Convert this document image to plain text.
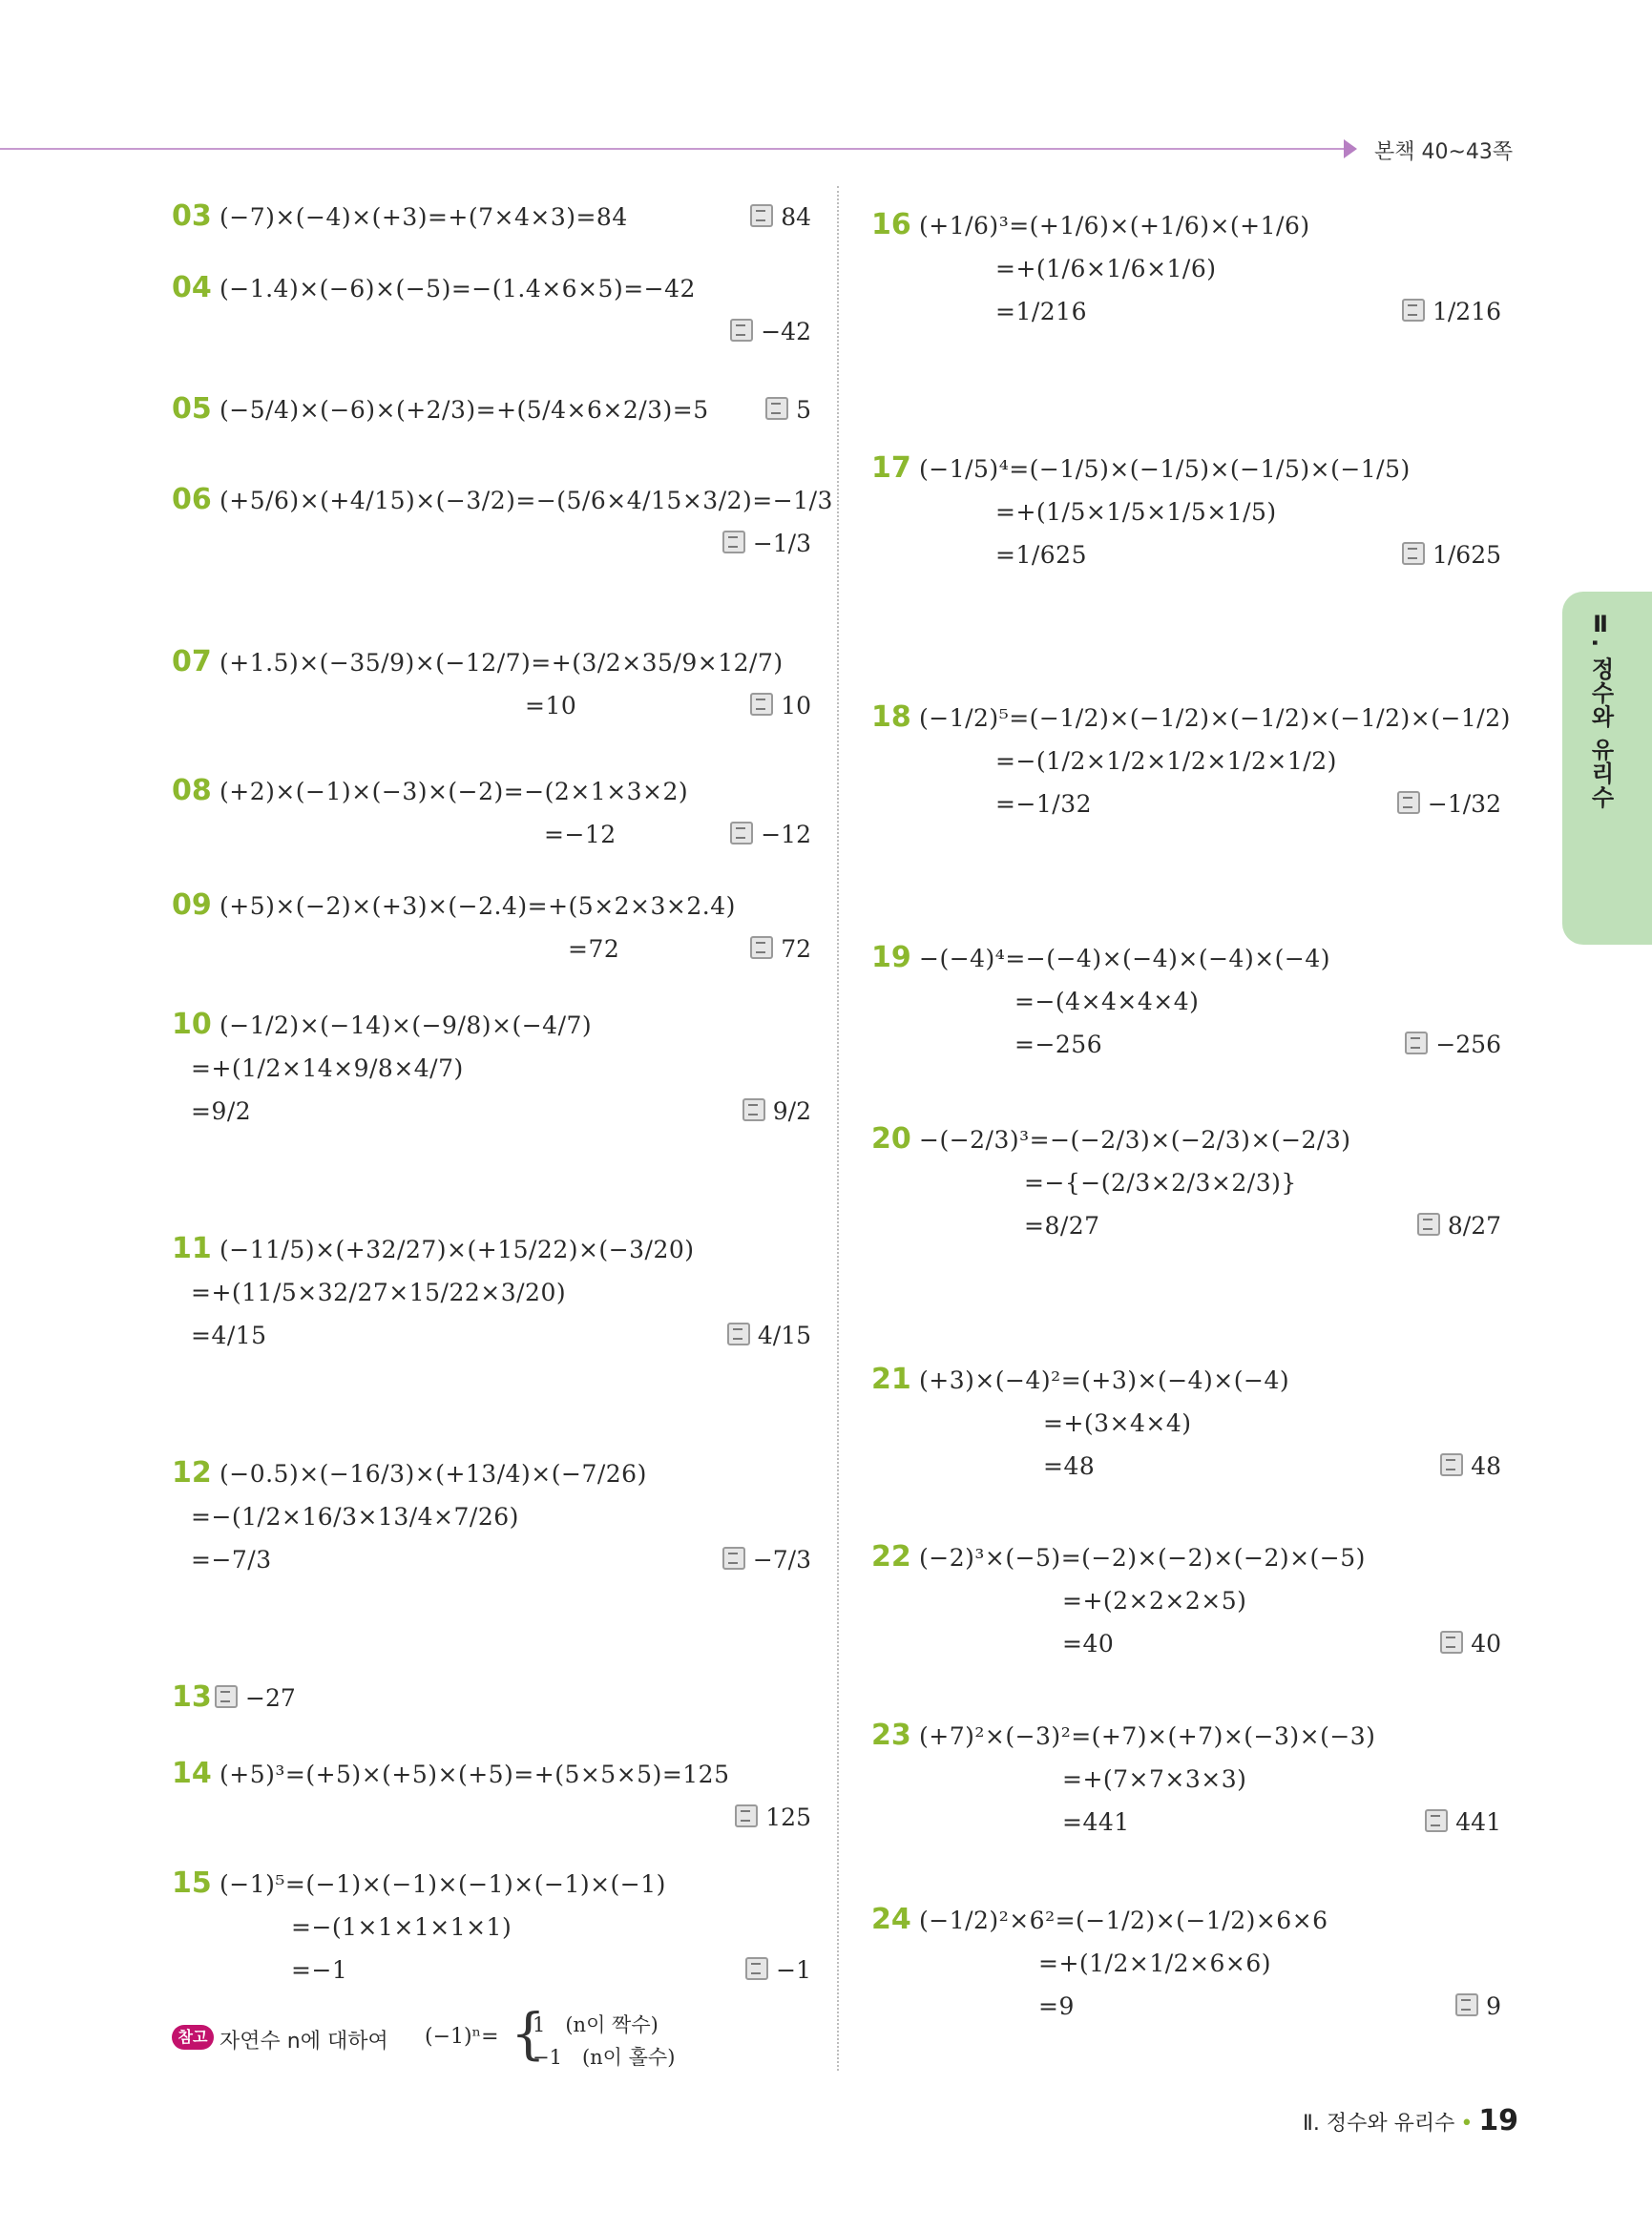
본책 40~43쪽
03 (−7)×(−4)×(+3)=+(7×4×3)=84	84
04 (−1.4)×(−6)×(−5)=−(1.4×6×5)=−42
−42
05 (−5/4)×(−6)×(+2/3)=+(5/4×6×2/3)=5	5
06 (+5/6)×(+4/15)×(−3/2)=−(5/6×4/15×3/2)=−1/3
−1/3
07 (+1.5)×(−35/9)×(−12/7)=+(3/2×35/9×12/7)
=10	10
08 (+2)×(−1)×(−3)×(−2)=−(2×1×3×2)
=−12	−12
09 (+5)×(−2)×(+3)×(−2.4)=+(5×2×3×2.4)
=72	72
10 (−1/2)×(−14)×(−9/8)×(−4/7)
=+(1/2×14×9/8×4/7)
=9/2	9/2
11 (−11/5)×(+32/27)×(+15/22)×(−3/20)
=+(11/5×32/27×15/22×3/20)
=4/15	4/15
12 (−0.5)×(−16/3)×(+13/4)×(−7/26)
=−(1/2×16/3×13/4×7/26)
=−7/3	−7/3
13	−27
14 (+5)³=(+5)×(+5)×(+5)=+(5×5×5)=125
125
15 (−1)⁵=(−1)×(−1)×(−1)×(−1)×(−1)
=−(1×1×1×1×1)
=−1	−1
16 (+1/6)³=(+1/6)×(+1/6)×(+1/6)
=+(1/6×1/6×1/6)
=1/216	1/216
17 (−1/5)⁴=(−1/5)×(−1/5)×(−1/5)×(−1/5)
=+(1/5×1/5×1/5×1/5)
=1/625	1/625
18 (−1/2)⁵=(−1/2)×(−1/2)×(−1/2)×(−1/2)×(−1/2)
=−(1/2×1/2×1/2×1/2×1/2)
=−1/32	−1/32
19 −(−4)⁴=−(−4)×(−4)×(−4)×(−4)
=−(4×4×4×4)
=−256	−256
20 −(−2/3)³=−(−2/3)×(−2/3)×(−2/3)
=−{−(2/3×2/3×2/3)}
=8/27	8/27
21 (+3)×(−4)²=(+3)×(−4)×(−4)
=+(3×4×4)
=48	48
22 (−2)³×(−5)=(−2)×(−2)×(−2)×(−5)
=+(2×2×2×5)
=40	40
23 (+7)²×(−3)²=(+7)×(+7)×(−3)×(−3)
=+(7×7×3×3)
=441	441
24 (−1/2)²×6²=(−1/2)×(−1/2)×6×6
=+(1/2×1/2×6×6)
=9	9
참고 자연수 n에 대하여 (−1)ⁿ= {
1　(n이 짝수)
−1　(n이 홀수)
Ⅱ. 정수와 유리수
Ⅱ. 정수와 유리수 • 19
